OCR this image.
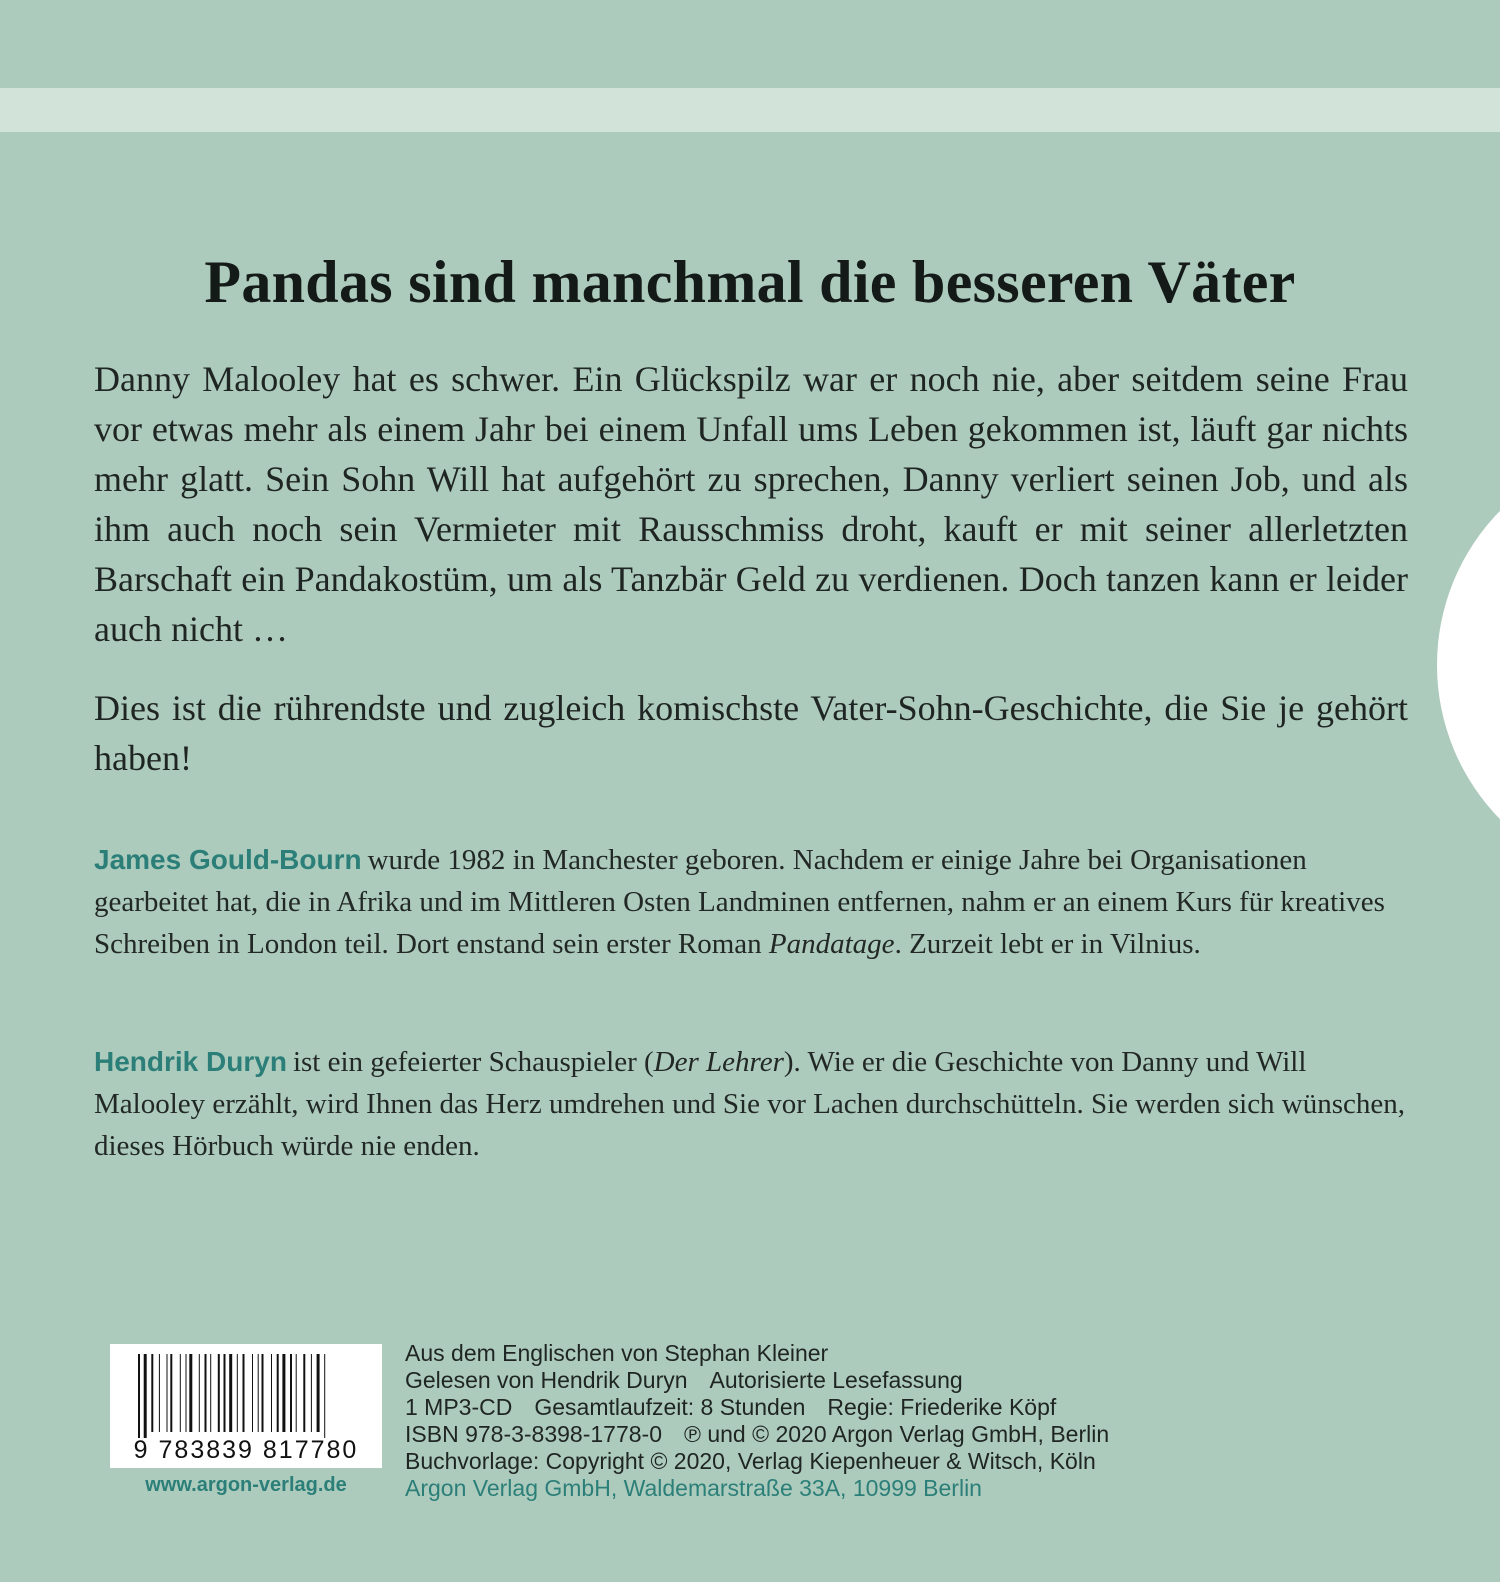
Pandas sind manchmal die besseren Väter

Danny Malooley hat es schwer. Ein Glückspilz war er noch nie, aber seitdem seine Frau vor etwas mehr als einem Jahr bei einem Unfall ums Leben gekommen ist, läuft gar nichts mehr glatt. Sein Sohn Will hat aufgehört zu sprechen, Danny verliert seinen Job, und als ihm auch noch sein Vermieter mit Rausschmiss droht, kauft er mit seiner allerletzten Barschaft ein Pandakostüm, um als Tanzbär Geld zu verdienen. Doch tanzen kann er leider auch nicht …

Dies ist die rührendste und zugleich komischste Vater-Sohn-Geschichte, die Sie je gehört haben!

James Gould-Bourn wurde 1982 in Manchester geboren. Nachdem er einige Jahre bei Organisationen gearbeitet hat, die in Afrika und im Mittleren Osten Landminen entfernen, nahm er an einem Kurs für kreatives Schreiben in London teil. Dort enstand sein erster Roman Pandatage. Zurzeit lebt er in Vilnius.

Hendrik Duryn ist ein gefeierter Schauspieler (Der Lehrer). Wie er die Geschichte von Danny und Will Malooley erzählt, wird Ihnen das Herz umdrehen und Sie vor Lachen durchschütteln. Sie werden sich wünschen, dieses Hörbuch würde nie enden.

9 783839 817780
www.argon-verlag.de
Aus dem Englischen von Stephan Kleiner
Gelesen von Hendrik Duryn Autorisierte Lesefassung
1 MP3-CD Gesamtlaufzeit: 8 Stunden Regie: Friederike Köpf
ISBN 978-3-8398-1778-0 ℗ und © 2020 Argon Verlag GmbH, Berlin
Buchvorlage: Copyright © 2020, Verlag Kiepenheuer & Witsch, Köln
Argon Verlag GmbH, Waldemarstraße 33A, 10999 Berlin
